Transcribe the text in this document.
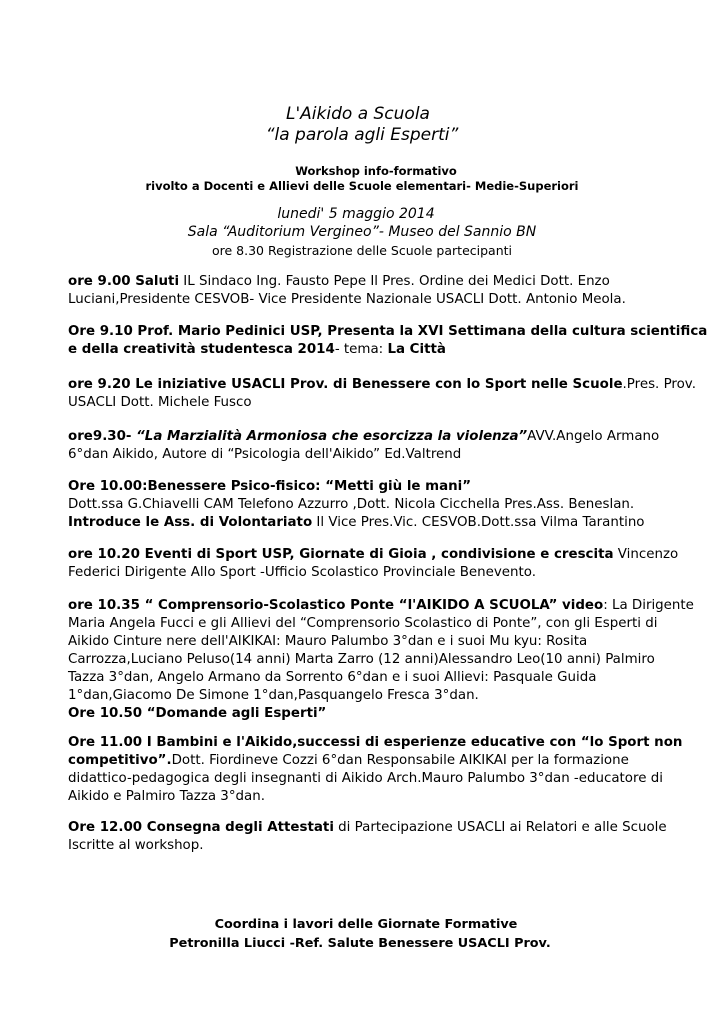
L'Aikido a Scuola
“la parola agli Esperti”
Workshop info-formativo
rivolto a Docenti e Allievi delle Scuole elementari- Medie-Superiori
lunedi' 5 maggio 2014
Sala “Auditorium Vergineo”- Museo del Sannio BN
ore 8.30 Registrazione delle Scuole partecipanti
ore 9.00 Saluti IL Sindaco Ing. Fausto Pepe Il Pres. Ordine dei Medici Dott. Enzo
Luciani,Presidente CESVOB- Vice Presidente Nazionale USACLI Dott. Antonio Meola.
Ore 9.10 Prof. Mario Pedinici USP, Presenta la XVI Settimana della cultura scientifica
e della creatività studentesca 2014- tema: La Città
ore 9.20 Le iniziative USACLI Prov. di Benessere con lo Sport nelle Scuole.Pres. Prov.
USACLI Dott. Michele Fusco
ore9.30- “La Marzialità Armoniosa che esorcizza la violenza”AVV.Angelo Armano
6°dan Aikido, Autore di “Psicologia dell'Aikido” Ed.Valtrend
Ore 10.00:Benessere Psico-fisico: “Metti giù le mani”
Dott.ssa G.Chiavelli CAM Telefono Azzurro ,Dott. Nicola Cicchella Pres.Ass. Beneslan.
Introduce le Ass. di Volontariato Il Vice Pres.Vic. CESVOB.Dott.ssa Vilma Tarantino
ore 10.20 Eventi di Sport USP, Giornate di Gioia , condivisione e crescita Vincenzo
Federici Dirigente Allo Sport -Ufficio Scolastico Provinciale Benevento.
ore 10.35 “ Comprensorio-Scolastico Ponte “l'AIKIDO A SCUOLA” video: La Dirigente
Maria Angela Fucci e gli Allievi del “Comprensorio Scolastico di Ponte”, con gli Esperti di
Aikido Cinture nere dell'AIKIKAI: Mauro Palumbo 3°dan e i suoi Mu kyu: Rosita
Carrozza,Luciano Peluso(14 anni) Marta Zarro (12 anni)Alessandro Leo(10 anni) Palmiro
Tazza 3°dan, Angelo Armano da Sorrento 6°dan e i suoi Allievi: Pasquale Guida
1°dan,Giacomo De Simone 1°dan,Pasquangelo Fresca 3°dan.
Ore 10.50 “Domande agli Esperti”
Ore 11.00 I Bambini e l'Aikido,successi di esperienze educative con “lo Sport non
competitivo”.Dott. Fiordineve Cozzi 6°dan Responsabile AIKIKAI per la formazione
didattico-pedagogica degli insegnanti di Aikido Arch.Mauro Palumbo 3°dan -educatore di
Aikido e Palmiro Tazza 3°dan.
Ore 12.00 Consegna degli Attestati di Partecipazione USACLI ai Relatori e alle Scuole
Iscritte al workshop.
Coordina i lavori delle Giornate Formative
Petronilla Liucci -Ref. Salute Benessere USACLI Prov.
